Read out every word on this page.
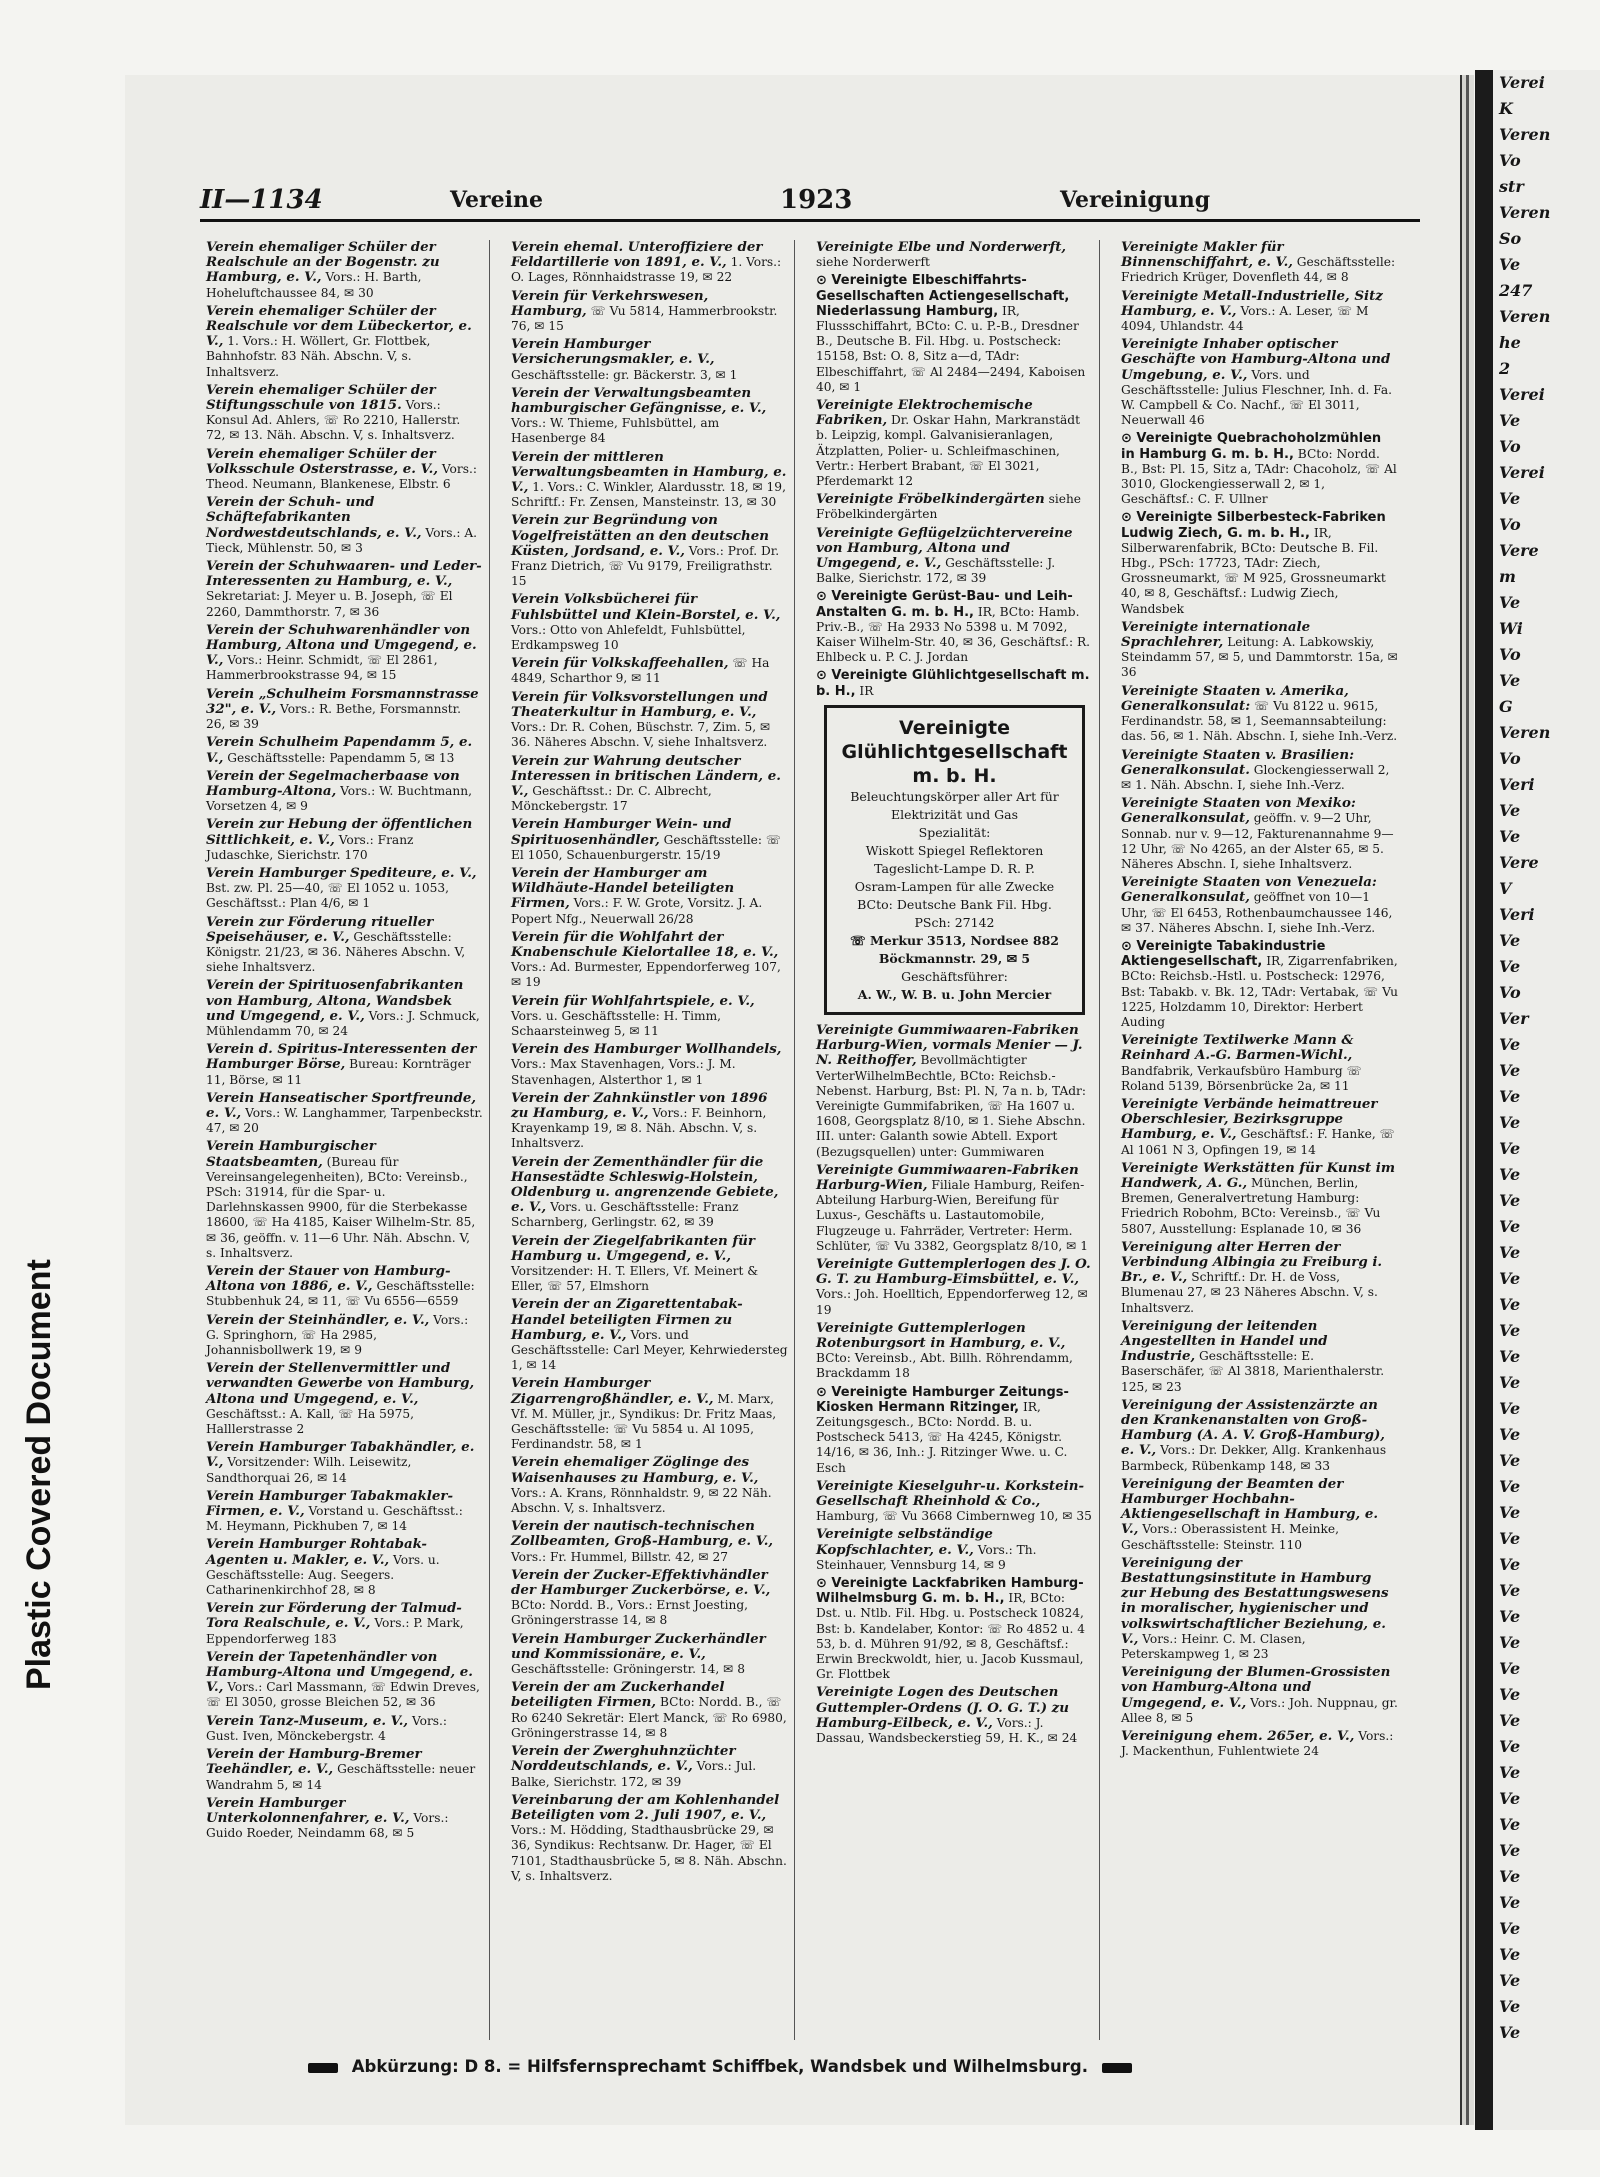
Plastic Covered Document
Verei
K
Veren
Vo
str
Veren
So
Ve
247
Veren
he
2
Verei
Ve
Vo
Verei
Ve
Vo
Vere
m
Ve
Wi
Vo
Ve
G
Veren
Vo
Veri
Ve
Ve
Vere
V
Veri
Ve
Ve
Vo
Ver
Ve
Ve
Ve
Ve
Ve
Ve
Ve
Ve
Ve
Ve
Ve
Ve
Ve
Ve
Ve
Ve
Ve
Ve
Ve
Ve
Ve
Ve
Ve
Ve
Ve
Ve
Ve
Ve
Ve
Ve
Ve
Ve
Ve
Ve
Ve
Ve
Ve
Ve
Ve
II—1134	Vereine	1923	Vereinigung
Verein ehemaliger Schüler der Realschule an der Bogenstr. zu Hamburg, e. V., Vors.: H. Barth, Hoheluftchaussee 84, ✉ 30
Verein ehemaliger Schüler der Realschule vor dem Lübeckertor, e. V., 1. Vors.: H. Wöllert, Gr. Flottbek, Bahnhofstr. 83 Näh. Abschn. V, s. Inhaltsverz.
Verein ehemaliger Schüler der Stiftungsschule von 1815. Vors.: Konsul Ad. Ahlers, ☏ Ro 2210, Hallerstr. 72, ✉ 13. Näh. Abschn. V, s. Inhaltsverz.
Verein ehemaliger Schüler der Volksschule Osterstrasse, e. V., Vors.: Theod. Neumann, Blankenese, Elbstr. 6
Verein der Schuh- und Schäftefabrikanten Nordwestdeutschlands, e. V., Vors.: A. Tieck, Mühlenstr. 50, ✉ 3
Verein der Schuhwaaren- und Leder-Interessenten zu Hamburg, e. V., Sekretariat: J. Meyer u. B. Joseph, ☏ El 2260, Dammthorstr. 7, ✉ 36
Verein der Schuhwarenhändler von Hamburg, Altona und Umgegend, e. V., Vors.: Heinr. Schmidt, ☏ El 2861, Hammerbrookstrasse 94, ✉ 15
Verein „Schulheim Forsmannstrasse 32", e. V., Vors.: R. Bethe, Forsmannstr. 26, ✉ 39
Verein Schulheim Papendamm 5, e. V., Geschäftsstelle: Papendamm 5, ✉ 13
Verein der Segelmacherbaase von Hamburg-Altona, Vors.: W. Buchtmann, Vorsetzen 4, ✉ 9
Verein zur Hebung der öffentlichen Sittlichkeit, e. V., Vors.: Franz Judaschke, Sierichstr. 170
Verein Hamburger Spediteure, e. V., Bst. zw. Pl. 25—40, ☏ El 1052 u. 1053, Geschäftsst.: Plan 4/6, ✉ 1
Verein zur Förderung ritueller Speisehäuser, e. V., Geschäftsstelle: Königstr. 21/23, ✉ 36. Näheres Abschn. V, siehe Inhaltsverz.
Verein der Spirituosenfabrikanten von Hamburg, Altona, Wandsbek und Umgegend, e. V., Vors.: J. Schmuck, Mühlendamm 70, ✉ 24
Verein d. Spiritus-Interessenten der Hamburger Börse, Bureau: Kornträger 11, Börse, ✉ 11
Verein Hanseatischer Sportfreunde, e. V., Vors.: W. Langhammer, Tarpenbeckstr. 47, ✉ 20
Verein Hamburgischer Staatsbeamten, (Bureau für Vereinsangelegenheiten), BCto: Vereinsb., PSch: 31914, für die Spar- u. Darlehnskassen 9900, für die Sterbekasse 18600, ☏ Ha 4185, Kaiser Wilhelm-Str. 85, ✉ 36, geöffn. v. 11—6 Uhr. Näh. Abschn. V, s. Inhaltsverz.
Verein der Stauer von Hamburg-Altona von 1886, e. V., Geschäftsstelle: Stubbenhuk 24, ✉ 11, ☏ Vu 6556—6559
Verein der Steinhändler, e. V., Vors.: G. Springhorn, ☏ Ha 2985, Johannisbollwerk 19, ✉ 9
Verein der Stellenvermittler und verwandten Gewerbe von Hamburg, Altona und Umgegend, e. V., Geschäftsst.: A. Kall, ☏ Ha 5975, Halllerstrasse 2
Verein Hamburger Tabakhändler, e. V., Vorsitzender: Wilh. Leisewitz, Sandthorquai 26, ✉ 14
Verein Hamburger Tabakmakler-Firmen, e. V., Vorstand u. Geschäftsst.: M. Heymann, Pickhuben 7, ✉ 14
Verein Hamburger Rohtabak-Agenten u. Makler, e. V., Vors. u. Geschäftsstelle: Aug. Seegers. Catharinenkirchhof 28, ✉ 8
Verein zur Förderung der Talmud-Tora Realschule, e. V., Vors.: P. Mark, Eppendorferweg 183
Verein der Tapetenhändler von Hamburg-Altona und Umgegend, e. V., Vors.: Carl Massmann, ☏ Edwin Dreves, ☏ El 3050, grosse Bleichen 52, ✉ 36
Verein Tanz-Museum, e. V., Vors.: Gust. Iven, Mönckebergstr. 4
Verein der Hamburg-Bremer Teehändler, e. V., Geschäftsstelle: neuer Wandrahm 5, ✉ 14
Verein Hamburger Unterkolonnenfahrer, e. V., Vors.: Guido Roeder, Neindamm 68, ✉ 5
Verein ehemal. Unteroffiziere der Feldartillerie von 1891, e. V., 1. Vors.: O. Lages, Rönnhaidstrasse 19, ✉ 22
Verein für Verkehrswesen, Hamburg, ☏ Vu 5814, Hammerbrookstr. 76, ✉ 15
Verein Hamburger Versicherungsmakler, e. V., Geschäftsstelle: gr. Bäckerstr. 3, ✉ 1
Verein der Verwaltungsbeamten hamburgischer Gefängnisse, e. V., Vors.: W. Thieme, Fuhlsbüttel, am Hasenberge 84
Verein der mittleren Verwaltungsbeamten in Hamburg, e. V., 1. Vors.: C. Winkler, Alardusstr. 18, ✉ 19, Schriftf.: Fr. Zensen, Mansteinstr. 13, ✉ 30
Verein zur Begründung von Vogelfreistätten an den deutschen Küsten, Jordsand, e. V., Vors.: Prof. Dr. Franz Dietrich, ☏ Vu 9179, Freiligrathstr. 15
Verein Volksbücherei für Fuhlsbüttel und Klein-Borstel, e. V., Vors.: Otto von Ahlefeldt, Fuhlsbüttel, Erdkampsweg 10
Verein für Volkskaffeehallen, ☏ Ha 4849, Scharthor 9, ✉ 11
Verein für Volksvorstellungen und Theaterkultur in Hamburg, e. V., Vors.: Dr. R. Cohen, Büschstr. 7, Zim. 5, ✉ 36. Näheres Abschn. V, siehe Inhaltsverz.
Verein zur Wahrung deutscher Interessen in britischen Ländern, e. V., Geschäftsst.: Dr. C. Albrecht, Mönckebergstr. 17
Verein Hamburger Wein- und Spirituosenhändler, Geschäftsstelle: ☏ El 1050, Schauenburgerstr. 15/19
Verein der Hamburger am Wildhäute-Handel beteiligten Firmen, Vors.: F. W. Grote, Vorsitz. J. A. Popert Nfg., Neuerwall 26/28
Verein für die Wohlfahrt der Knabenschule Kielortallee 18, e. V., Vors.: Ad. Burmester, Eppendorferweg 107, ✉ 19
Verein für Wohlfahrtspiele, e. V., Vors. u. Geschäftsstelle: H. Timm, Schaarsteinweg 5, ✉ 11
Verein des Hamburger Wollhandels, Vors.: Max Stavenhagen, Vors.: J. M. Stavenhagen, Alsterthor 1, ✉ 1
Verein der Zahnkünstler von 1896 zu Hamburg, e. V., Vors.: F. Beinhorn, Krayenkamp 19, ✉ 8. Näh. Abschn. V, s. Inhaltsverz.
Verein der Zementhändler für die Hansestädte Schleswig-Holstein, Oldenburg u. angrenzende Gebiete, e. V., Vors. u. Geschäftsstelle: Franz Scharnberg, Gerlingstr. 62, ✉ 39
Verein der Ziegelfabrikanten für Hamburg u. Umgegend, e. V., Vorsitzender: H. T. Ellers, Vf. Meinert & Eller, ☏ 57, Elmshorn
Verein der an Zigarettentabak-Handel beteiligten Firmen zu Hamburg, e. V., Vors. und Geschäftsstelle: Carl Meyer, Kehrwiedersteg 1, ✉ 14
Verein Hamburger Zigarrengroßhändler, e. V., M. Marx, Vf. M. Müller, jr., Syndikus: Dr. Fritz Maas, Geschäftsstelle: ☏ Vu 5854 u. Al 1095, Ferdinandstr. 58, ✉ 1
Verein ehemaliger Zöglinge des Waisenhauses zu Hamburg, e. V., Vors.: A. Krans, Rönnhaldstr. 9, ✉ 22 Näh. Abschn. V, s. Inhaltsverz.
Verein der nautisch-technischen Zollbeamten, Groß-Hamburg, e. V., Vors.: Fr. Hummel, Billstr. 42, ✉ 27
Verein der Zucker-Effektivhändler der Hamburger Zuckerbörse, e. V., BCto: Nordd. B., Vors.: Ernst Joesting, Gröningerstrasse 14, ✉ 8
Verein Hamburger Zuckerhändler und Kommissionäre, e. V., Geschäftsstelle: Gröningerstr. 14, ✉ 8
Verein der am Zuckerhandel beteiligten Firmen, BCto: Nordd. B., ☏ Ro 6240 Sekretär: Elert Manck, ☏ Ro 6980, Gröningerstrasse 14, ✉ 8
Verein der Zwerghuhnzüchter Norddeutschlands, e. V., Vors.: Jul. Balke, Sierichstr. 172, ✉ 39
Vereinbarung der am Kohlenhandel Beteiligten vom 2. Juli 1907, e. V., Vors.: M. Hödding, Stadthausbrücke 29, ✉ 36, Syndikus: Rechtsanw. Dr. Hager, ☏ El 7101, Stadthausbrücke 5, ✉ 8. Näh. Abschn. V, s. Inhaltsverz.
Vereinigte Elbe und Norderwerft, siehe Norderwerft
⊙ Vereinigte Elbeschiffahrts-Gesellschaften Actiengesellschaft, Niederlassung Hamburg, IR, Flussschiffahrt, BCto: C. u. P.-B., Dresdner B., Deutsche B. Fil. Hbg. u. Postscheck: 15158, Bst: O. 8, Sitz a—d, TAdr: Elbeschiffahrt, ☏ Al 2484—2494, Kaboisen 40, ✉ 1
Vereinigte Elektrochemische Fabriken, Dr. Oskar Hahn, Markranstädt b. Leipzig, kompl. Galvanisieranlagen, Ätzplatten, Polier- u. Schleifmaschinen, Vertr.: Herbert Brabant, ☏ El 3021, Pferdemarkt 12
Vereinigte Fröbelkindergärten siehe Fröbelkindergärten
Vereinigte Geflügelzüchtervereine von Hamburg, Altona und Umgegend, e. V., Geschäftsstelle: J. Balke, Sierichstr. 172, ✉ 39
⊙ Vereinigte Gerüst-Bau- und Leih-Anstalten G. m. b. H., IR, BCto: Hamb. Priv.-B., ☏ Ha 2933 No 5398 u. M 7092, Kaiser Wilhelm-Str. 40, ✉ 36, Geschäftsf.: R. Ehlbeck u. P. C. J. Jordan
⊙ Vereinigte Glühlichtgesellschaft m. b. H., IR
Vereinigte Glühlichtgesellschaft m. b. H.
Beleuchtungskörper aller Art für Elektrizität und Gas
Spezialität:
Wiskott Spiegel Reflektoren
Tageslicht-Lampe D. R. P.
Osram-Lampen für alle Zwecke
BCto: Deutsche Bank Fil. Hbg.
PSch: 27142
☏ Merkur 3513, Nordsee 882
Böckmannstr. 29, ✉ 5
Geschäftsführer:
A. W., W. B. u. John Mercier
Vereinigte Gummiwaaren-Fabriken Harburg-Wien, vormals Menier — J. N. Reithoffer, Bevollmächtigter VerterWilhelmBechtle, BCto: Reichsb.-Nebenst. Harburg, Bst: Pl. N, 7a n. b, TAdr: Vereinigte Gummifabriken, ☏ Ha 1607 u. 1608, Georgsplatz 8/10, ✉ 1. Siehe Abschn. III. unter: Galanth sowie Abtell. Export (Bezugsquellen) unter: Gummiwaren
Vereinigte Gummiwaaren-Fabriken Harburg-Wien, Filiale Hamburg, Reifen-Abteilung Harburg-Wien, Bereifung für Luxus-, Geschäfts u. Lastautomobile, Flugzeuge u. Fahrräder, Vertreter: Herm. Schlüter, ☏ Vu 3382, Georgsplatz 8/10, ✉ 1
Vereinigte Guttemplerlogen des J. O. G. T. zu Hamburg-Eimsbüttel, e. V., Vors.: Joh. Hoelltich, Eppendorferweg 12, ✉ 19
Vereinigte Guttemplerlogen Rotenburgsort in Hamburg, e. V., BCto: Vereinsb., Abt. Billh. Röhrendamm, Brackdamm 18
⊙ Vereinigte Hamburger Zeitungs-Kiosken Hermann Ritzinger, IR, Zeitungsgesch., BCto: Nordd. B. u. Postscheck 5413, ☏ Ha 4245, Königstr. 14/16, ✉ 36, Inh.: J. Ritzinger Wwe. u. C. Esch
Vereinigte Kieselguhr-u. Korkstein-Gesellschaft Rheinhold & Co., Hamburg, ☏ Vu 3668 Cimbernweg 10, ✉ 35
Vereinigte selbständige Kopfschlachter, e. V., Vors.: Th. Steinhauer, Vennsburg 14, ✉ 9
⊙ Vereinigte Lackfabriken Hamburg-Wilhelmsburg G. m. b. H., IR, BCto: Dst. u. Ntlb. Fil. Hbg. u. Postscheck 10824, Bst: b. Kandelaber, Kontor: ☏ Ro 4852 u. 4 53, b. d. Mühren 91/92, ✉ 8, Geschäftsf.: Erwin Breckwoldt, hier, u. Jacob Kussmaul, Gr. Flottbek
Vereinigte Logen des Deutschen Guttempler-Ordens (J. O. G. T.) zu Hamburg-Eilbeck, e. V., Vors.: J. Dassau, Wandsbeckerstieg 59, H. K., ✉ 24
Vereinigte Makler für Binnenschiffahrt, e. V., Geschäftsstelle: Friedrich Krüger, Dovenfleth 44, ✉ 8
Vereinigte Metall-Industrielle, Sitz Hamburg, e. V., Vors.: A. Leser, ☏ M 4094, Uhlandstr. 44
Vereinigte Inhaber optischer Geschäfte von Hamburg-Altona und Umgebung, e. V., Vors. und Geschäftsstelle: Julius Fleschner, Inh. d. Fa. W. Campbell & Co. Nachf., ☏ El 3011, Neuerwall 46
⊙ Vereinigte Quebrachoholzmühlen in Hamburg G. m. b. H., BCto: Nordd. B., Bst: Pl. 15, Sitz a, TAdr: Chacoholz, ☏ Al 3010, Glockengiesserwall 2, ✉ 1, Geschäftsf.: C. F. Ullner
⊙ Vereinigte Silberbesteck-Fabriken Ludwig Ziech, G. m. b. H., IR, Silberwarenfabrik, BCto: Deutsche B. Fil. Hbg., PSch: 17723, TAdr: Ziech, Grossneumarkt, ☏ M 925, Grossneumarkt 40, ✉ 8, Geschäftsf.: Ludwig Ziech, Wandsbek
Vereinigte internationale Sprachlehrer, Leitung: A. Labkowskiy, Steindamm 57, ✉ 5, und Dammtorstr. 15a, ✉ 36
Vereinigte Staaten v. Amerika, Generalkonsulat: ☏ Vu 8122 u. 9615, Ferdinandstr. 58, ✉ 1, Seemannsabteilung: das. 56, ✉ 1. Näh. Abschn. I, siehe Inh.-Verz.
Vereinigte Staaten v. Brasilien: Generalkonsulat. Glockengiesserwall 2, ✉ 1. Näh. Abschn. I, siehe Inh.-Verz.
Vereinigte Staaten von Mexiko: Generalkonsulat, geöffn. v. 9—2 Uhr, Sonnab. nur v. 9—12, Fakturenannahme 9—12 Uhr, ☏ No 4265, an der Alster 65, ✉ 5. Näheres Abschn. I, siehe Inhaltsverz.
Vereinigte Staaten von Venezuela: Generalkonsulat, geöffnet von 10—1 Uhr, ☏ El 6453, Rothenbaumchaussee 146, ✉ 37. Näheres Abschn. I, siehe Inh.-Verz.
⊙ Vereinigte Tabakindustrie Aktiengesellschaft, IR, Zigarrenfabriken, BCto: Reichsb.-Hstl. u. Postscheck: 12976, Bst: Tabakb. v. Bk. 12, TAdr: Vertabak, ☏ Vu 1225, Holzdamm 10, Direktor: Herbert Auding
Vereinigte Textilwerke Mann & Reinhard A.-G. Barmen-Wichl., Bandfabrik, Verkaufsbüro Hamburg ☏ Roland 5139, Börsenbrücke 2a, ✉ 11
Vereinigte Verbände heimattreuer Oberschlesier, Bezirksgruppe Hamburg, e. V., Geschäftsf.: F. Hanke, ☏ Al 1061 N 3, Opfingen 19, ✉ 14
Vereinigte Werkstätten für Kunst im Handwerk, A. G., München, Berlin, Bremen, Generalvertretung Hamburg: Friedrich Robohm, BCto: Vereinsb., ☏ Vu 5807, Ausstellung: Esplanade 10, ✉ 36
Vereinigung alter Herren der Verbindung Albingia zu Freiburg i. Br., e. V., Schriftf.: Dr. H. de Voss, Blumenau 27, ✉ 23 Näheres Abschn. V, s. Inhaltsverz.
Vereinigung der leitenden Angestellten in Handel und Industrie, Geschäftsstelle: E. Baserschäfer, ☏ Al 3818, Marienthalerstr. 125, ✉ 23
Vereinigung der Assistenzärzte an den Krankenanstalten von Groß-Hamburg (A. A. V. Groß-Hamburg), e. V., Vors.: Dr. Dekker, Allg. Krankenhaus Barmbeck, Rübenkamp 148, ✉ 33
Vereinigung der Beamten der Hamburger Hochbahn-Aktiengesellschaft in Hamburg, e. V., Vors.: Oberassistent H. Meinke, Geschäftsstelle: Steinstr. 110
Vereinigung der Bestattungsinstitute in Hamburg zur Hebung des Bestattungswesens in moralischer, hygienischer und volkswirtschaftlicher Beziehung, e. V., Vors.: Heinr. C. M. Clasen, Peterskampweg 1, ✉ 23
Vereinigung der Blumen-Grossisten von Hamburg-Altona und Umgegend, e. V., Vors.: Joh. Nuppnau, gr. Allee 8, ✉ 5
Vereinigung ehem. 265er, e. V., Vors.: J. Mackenthun, Fuhlentwiete 24
Abkürzung: D 8. = Hilfsfernsprechamt Schiffbek, Wandsbek und Wilhelmsburg.
